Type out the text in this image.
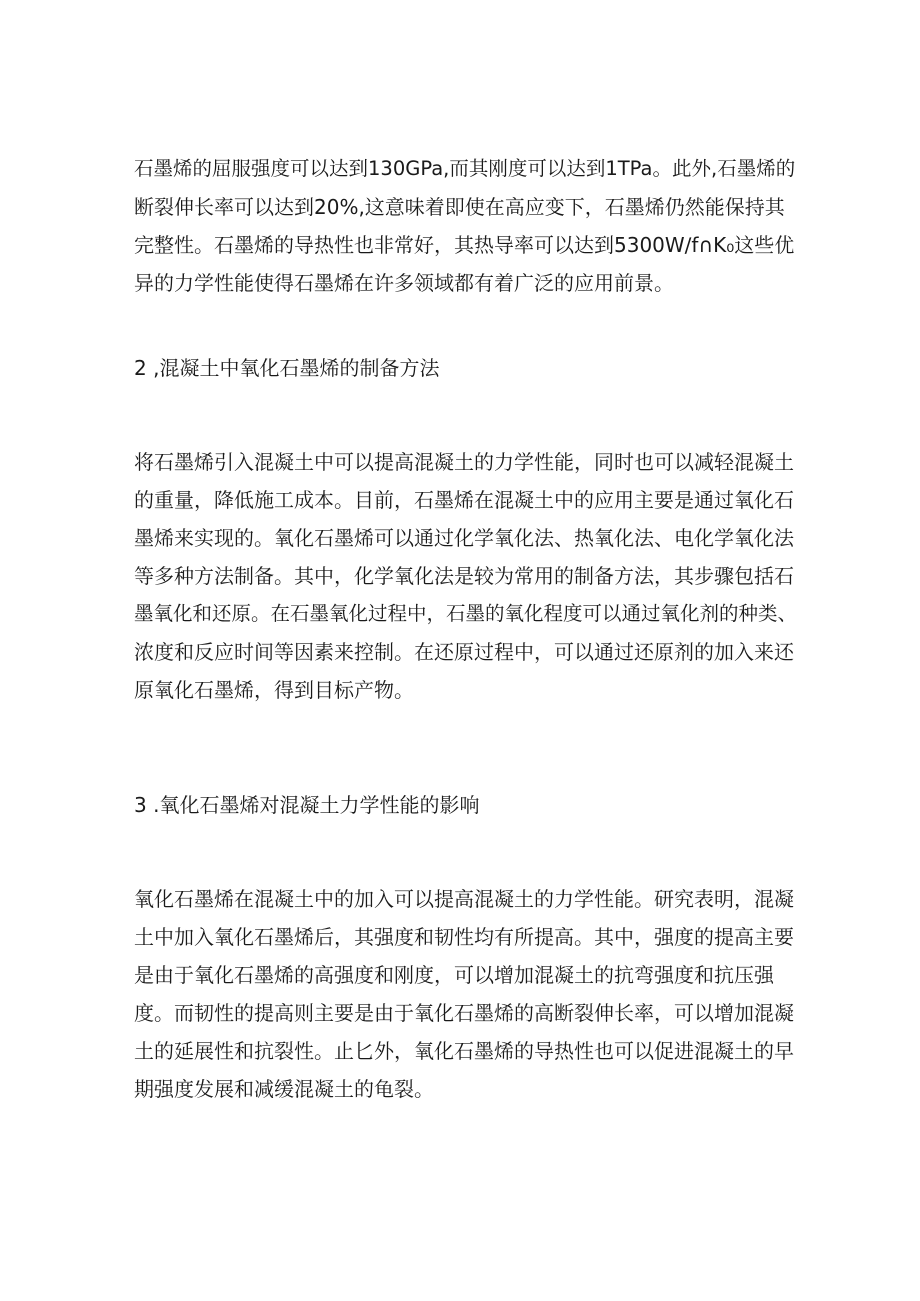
石墨烯的屈服强度可以达到130GPa,而其刚度可以达到1TPa。此外,石墨烯的
断裂伸长率可以达到20%,这意味着即使在高应变下，石墨烯仍然能保持其
完整性。石墨烯的导热性也非常好，其热导率可以达到5300W∕f∩K₀这些优
异的力学性能使得石墨烯在许多领域都有着广泛的应用前景。
2 ,混凝土中氧化石墨烯的制备方法
将石墨烯引入混凝土中可以提高混凝土的力学性能，同时也可以减轻混凝土
的重量，降低施工成本。目前，石墨烯在混凝土中的应用主要是通过氧化石
墨烯来实现的。氧化石墨烯可以通过化学氧化法、热氧化法、电化学氧化法
等多种方法制备。其中，化学氧化法是较为常用的制备方法，其步骤包括石
墨氧化和还原。在石墨氧化过程中，石墨的氧化程度可以通过氧化剂的种类、
浓度和反应时间等因素来控制。在还原过程中，可以通过还原剂的加入来还
原氧化石墨烯，得到目标产物。
3 .氧化石墨烯对混凝土力学性能的影响
氧化石墨烯在混凝土中的加入可以提高混凝土的力学性能。研究表明，混凝
土中加入氧化石墨烯后，其强度和韧性均有所提高。其中，强度的提高主要
是由于氧化石墨烯的高强度和刚度，可以增加混凝土的抗弯强度和抗压强
度。而韧性的提高则主要是由于氧化石墨烯的高断裂伸长率，可以增加混凝
土的延展性和抗裂性。止匕外，氧化石墨烯的导热性也可以促进混凝土的早
期强度发展和减缓混凝土的龟裂。
